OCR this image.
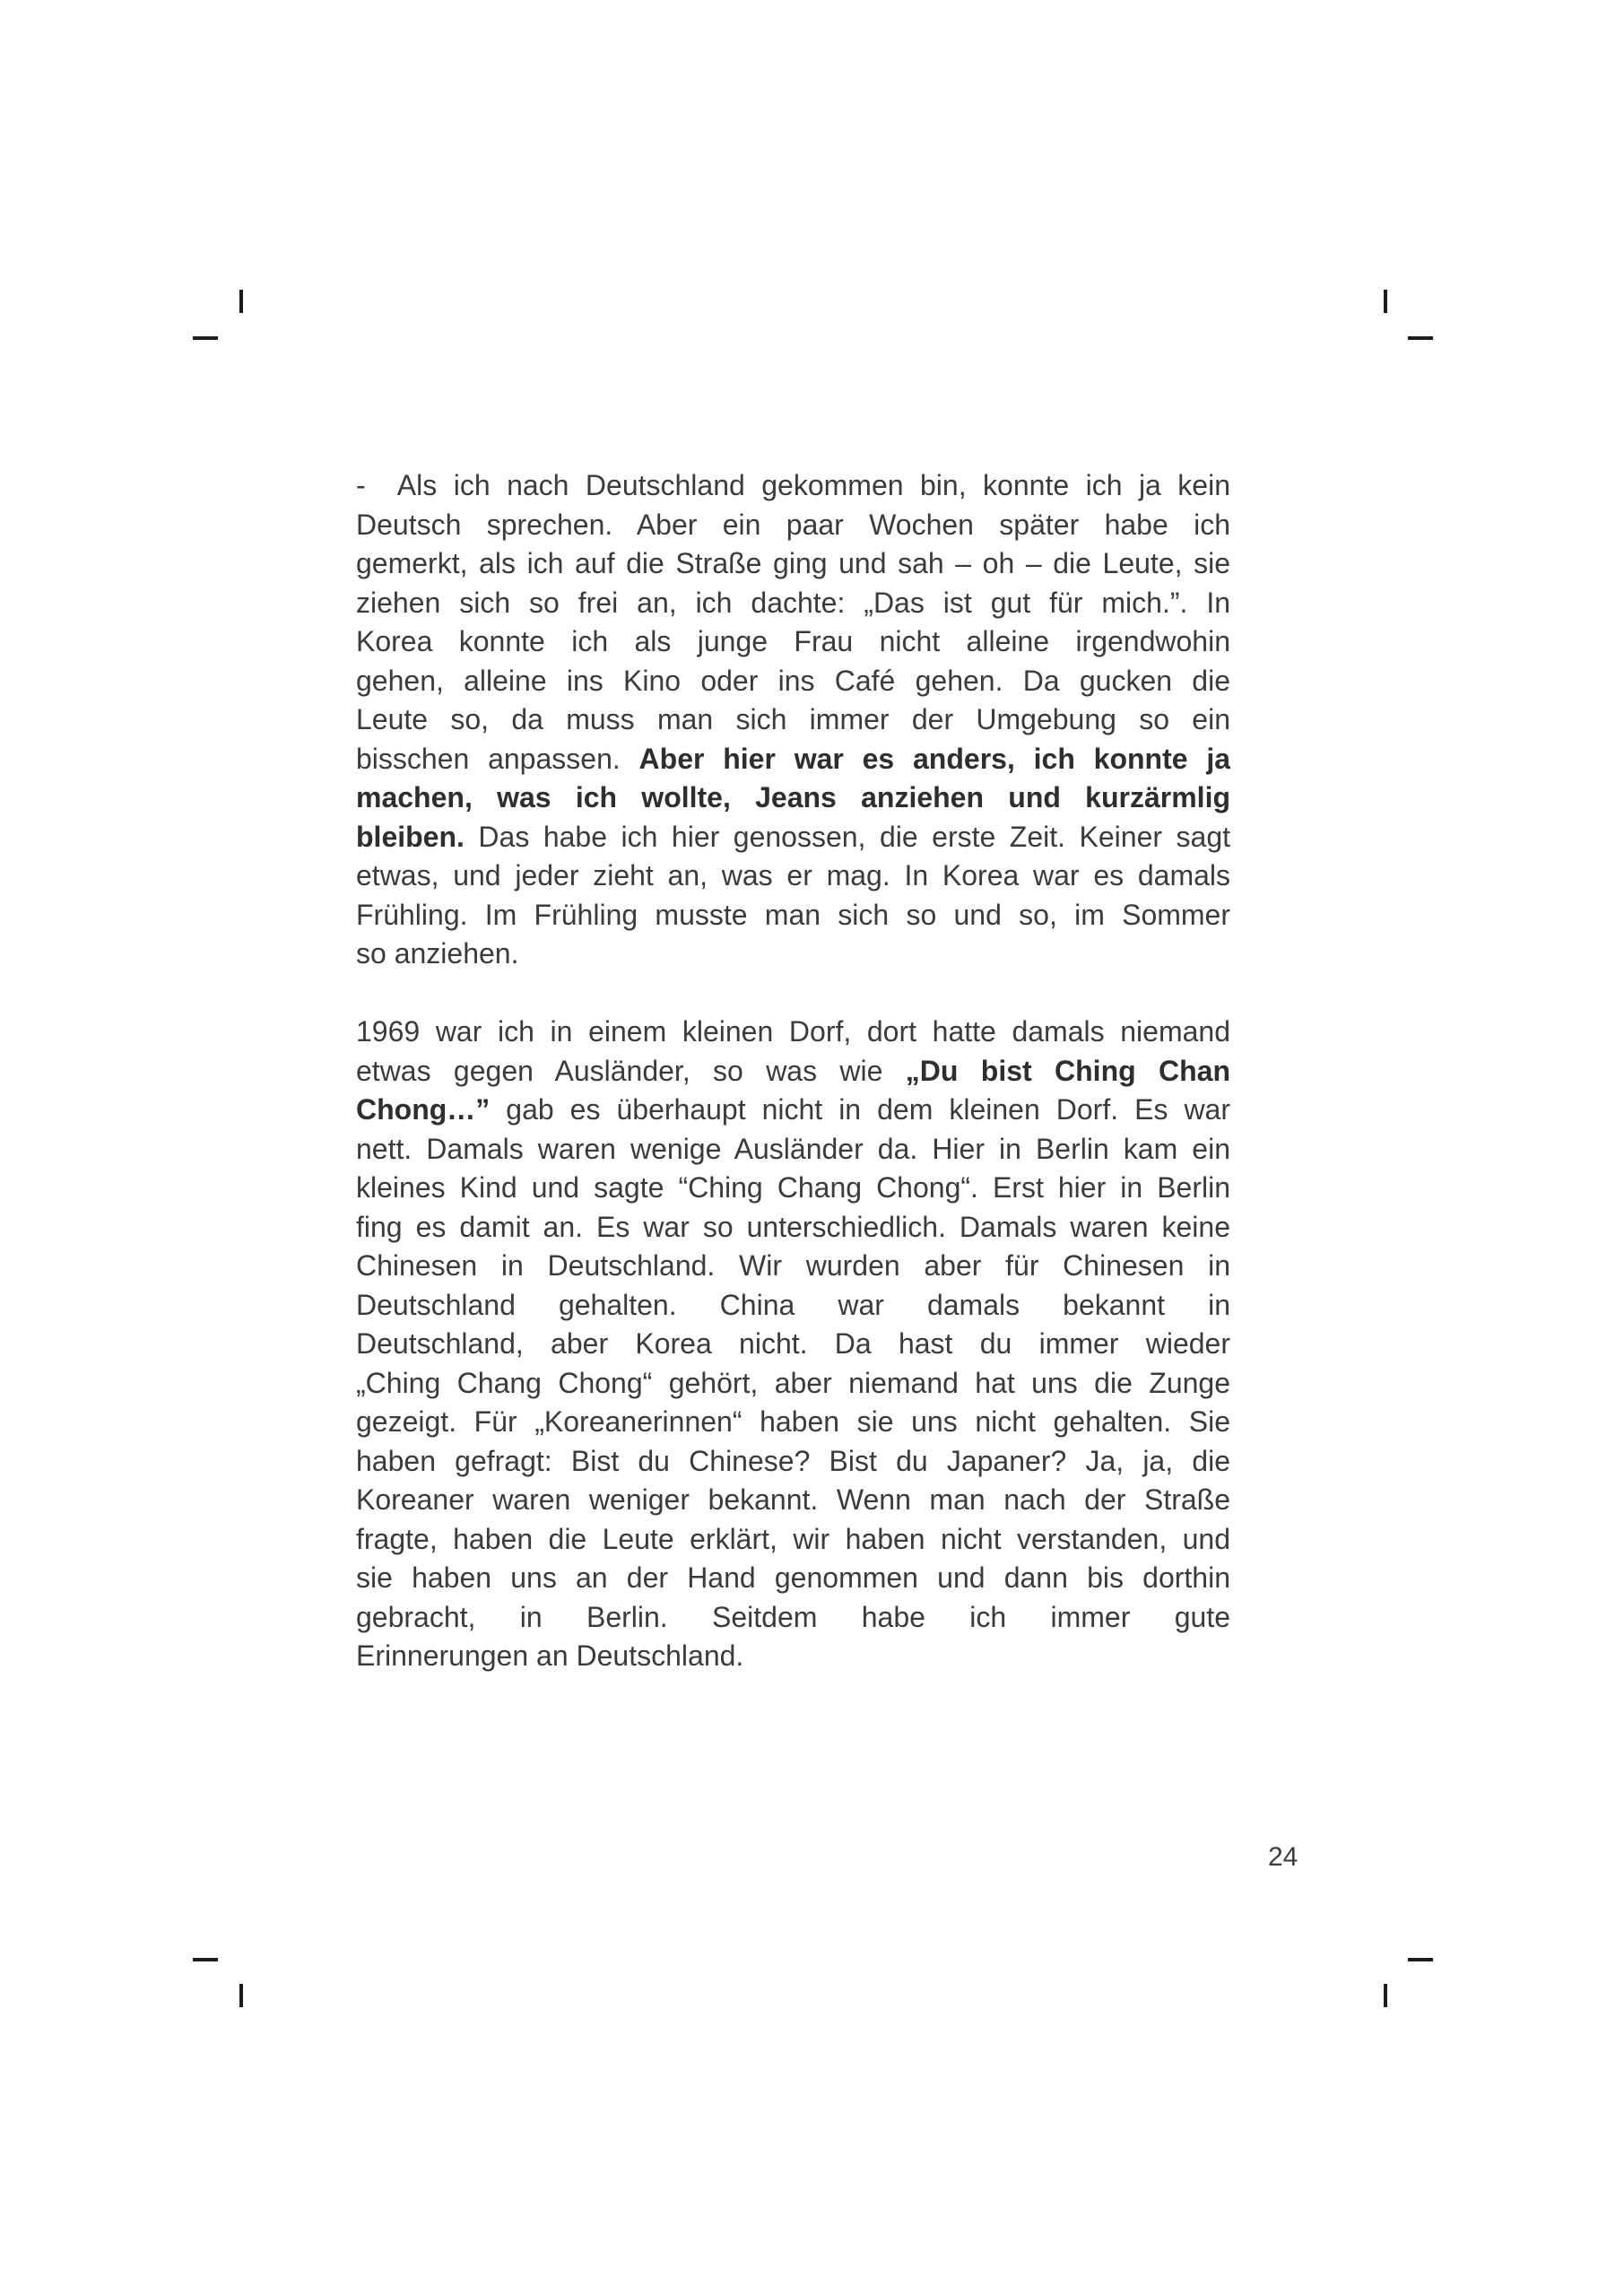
-  Als ich nach Deutschland gekommen bin, konnte ich ja kein
Deutsch sprechen. Aber ein paar Wochen später habe ich
gemerkt, als ich auf die Straße ging und sah – oh – die Leute, sie
ziehen sich so frei an, ich dachte: „Das ist gut für mich.”. In
Korea konnte ich als junge Frau nicht alleine irgendwohin
gehen, alleine ins Kino oder ins Café gehen. Da gucken die
Leute so, da muss man sich immer der Umgebung so ein
bisschen anpassen. Aber hier war es anders, ich konnte ja
machen, was ich wollte, Jeans anziehen und kurzärmlig
bleiben. Das habe ich hier genossen, die erste Zeit. Keiner sagt
etwas, und jeder zieht an, was er mag. In Korea war es damals
Frühling. Im Frühling musste man sich so und so, im Sommer
so anziehen.
1969 war ich in einem kleinen Dorf, dort hatte damals niemand
etwas gegen Ausländer, so was wie „Du bist Ching Chan
Chong…” gab es überhaupt nicht in dem kleinen Dorf. Es war
nett. Damals waren wenige Ausländer da. Hier in Berlin kam ein
kleines Kind und sagte “Ching Chang Chong“. Erst hier in Berlin
fing es damit an. Es war so unterschiedlich. Damals waren keine
Chinesen in Deutschland. Wir wurden aber für Chinesen in
Deutschland gehalten. China war damals bekannt in
Deutschland, aber Korea nicht. Da hast du immer wieder
„Ching Chang Chong“ gehört, aber niemand hat uns die Zunge
gezeigt. Für „Koreanerinnen“ haben sie uns nicht gehalten. Sie
haben gefragt: Bist du Chinese? Bist du Japaner? Ja, ja, die
Koreaner waren weniger bekannt. Wenn man nach der Straße
fragte, haben die Leute erklärt, wir haben nicht verstanden, und
sie haben uns an der Hand genommen und dann bis dorthin
gebracht, in Berlin. Seitdem habe ich immer gute
Erinnerungen an Deutschland.
24
